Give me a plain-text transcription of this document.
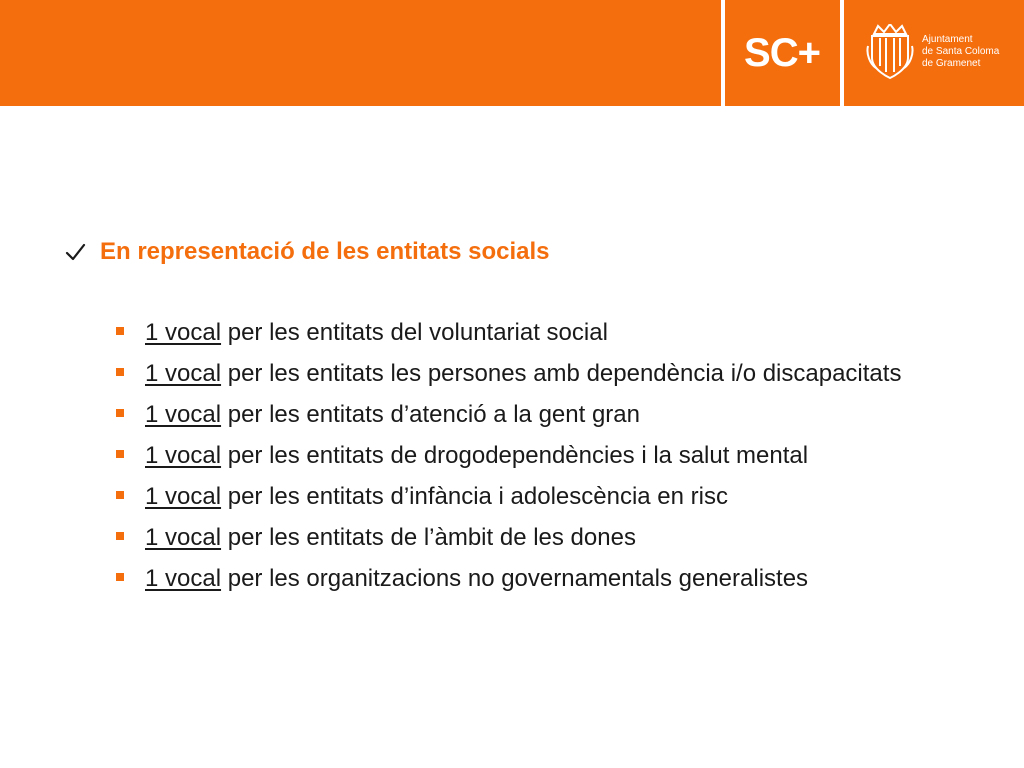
SC+	Ajuntament
de Santa Coloma
de Gramenet
En representació de les entitats socials
1 vocal per les entitats del voluntariat social
1 vocal per les entitats les persones amb dependència i/o discapacitats
1 vocal per les entitats d’atenció a la gent gran
1 vocal per les entitats de drogodependències i la salut mental
1 vocal per les entitats d’infància i adolescència en risc
1 vocal per les entitats de l’àmbit de les dones
1 vocal per les organitzacions no governamentals generalistes
